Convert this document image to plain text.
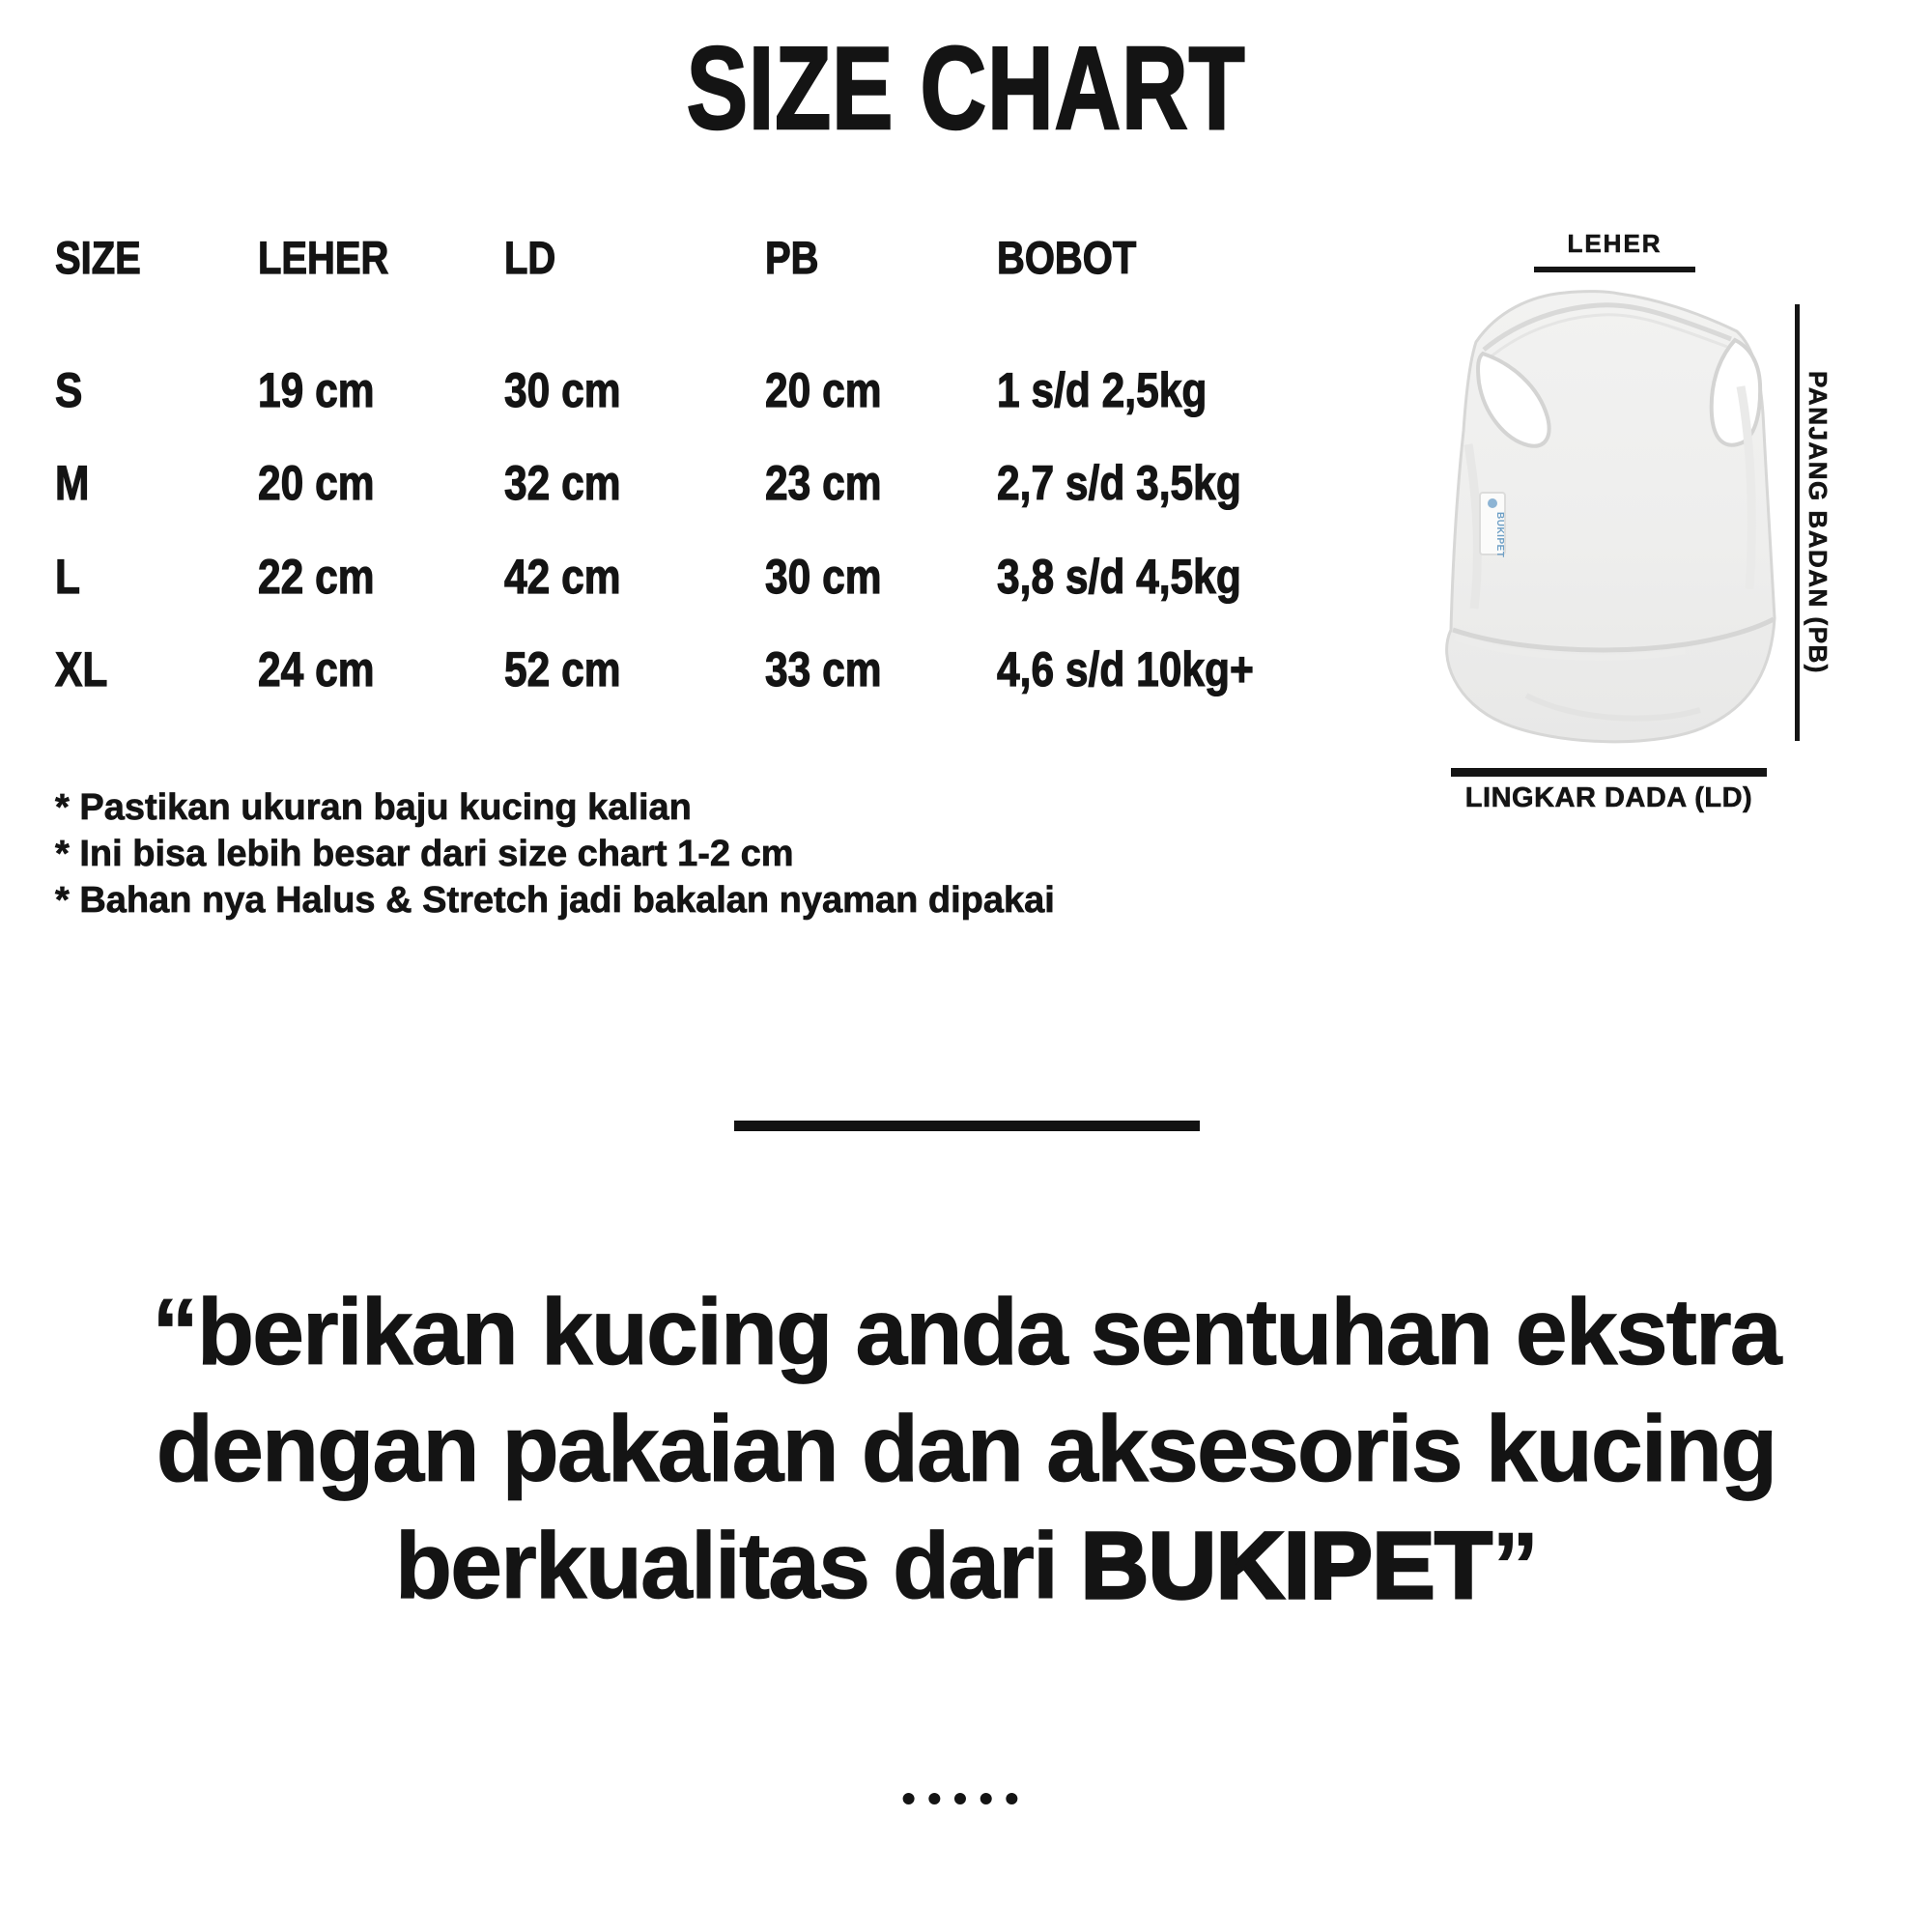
SIZE CHART
SIZE	LEHER	LD	PB	BOBOT
S	19 cm	30 cm	20 cm	1 s/d 2,5kg
M	20 cm	32 cm	23 cm	2,7 s/d 3,5kg
L	22 cm	42 cm	30 cm	3,8 s/d 4,5kg
XL	24 cm	52 cm	33 cm	4,6 s/d 10kg+
* Pastikan ukuran baju kucing kalian
* Ini bisa lebih besar dari size chart 1-2 cm
* Bahan nya Halus & Stretch jadi bakalan nyaman dipakai
LEHER
BUKIPET	PANJANG BADAN (PB)
LINGKAR DADA (LD)
“berikan kucing anda sentuhan ekstra
dengan pakaian dan aksesoris kucing
berkualitas dari BUKIPET”
•••••
